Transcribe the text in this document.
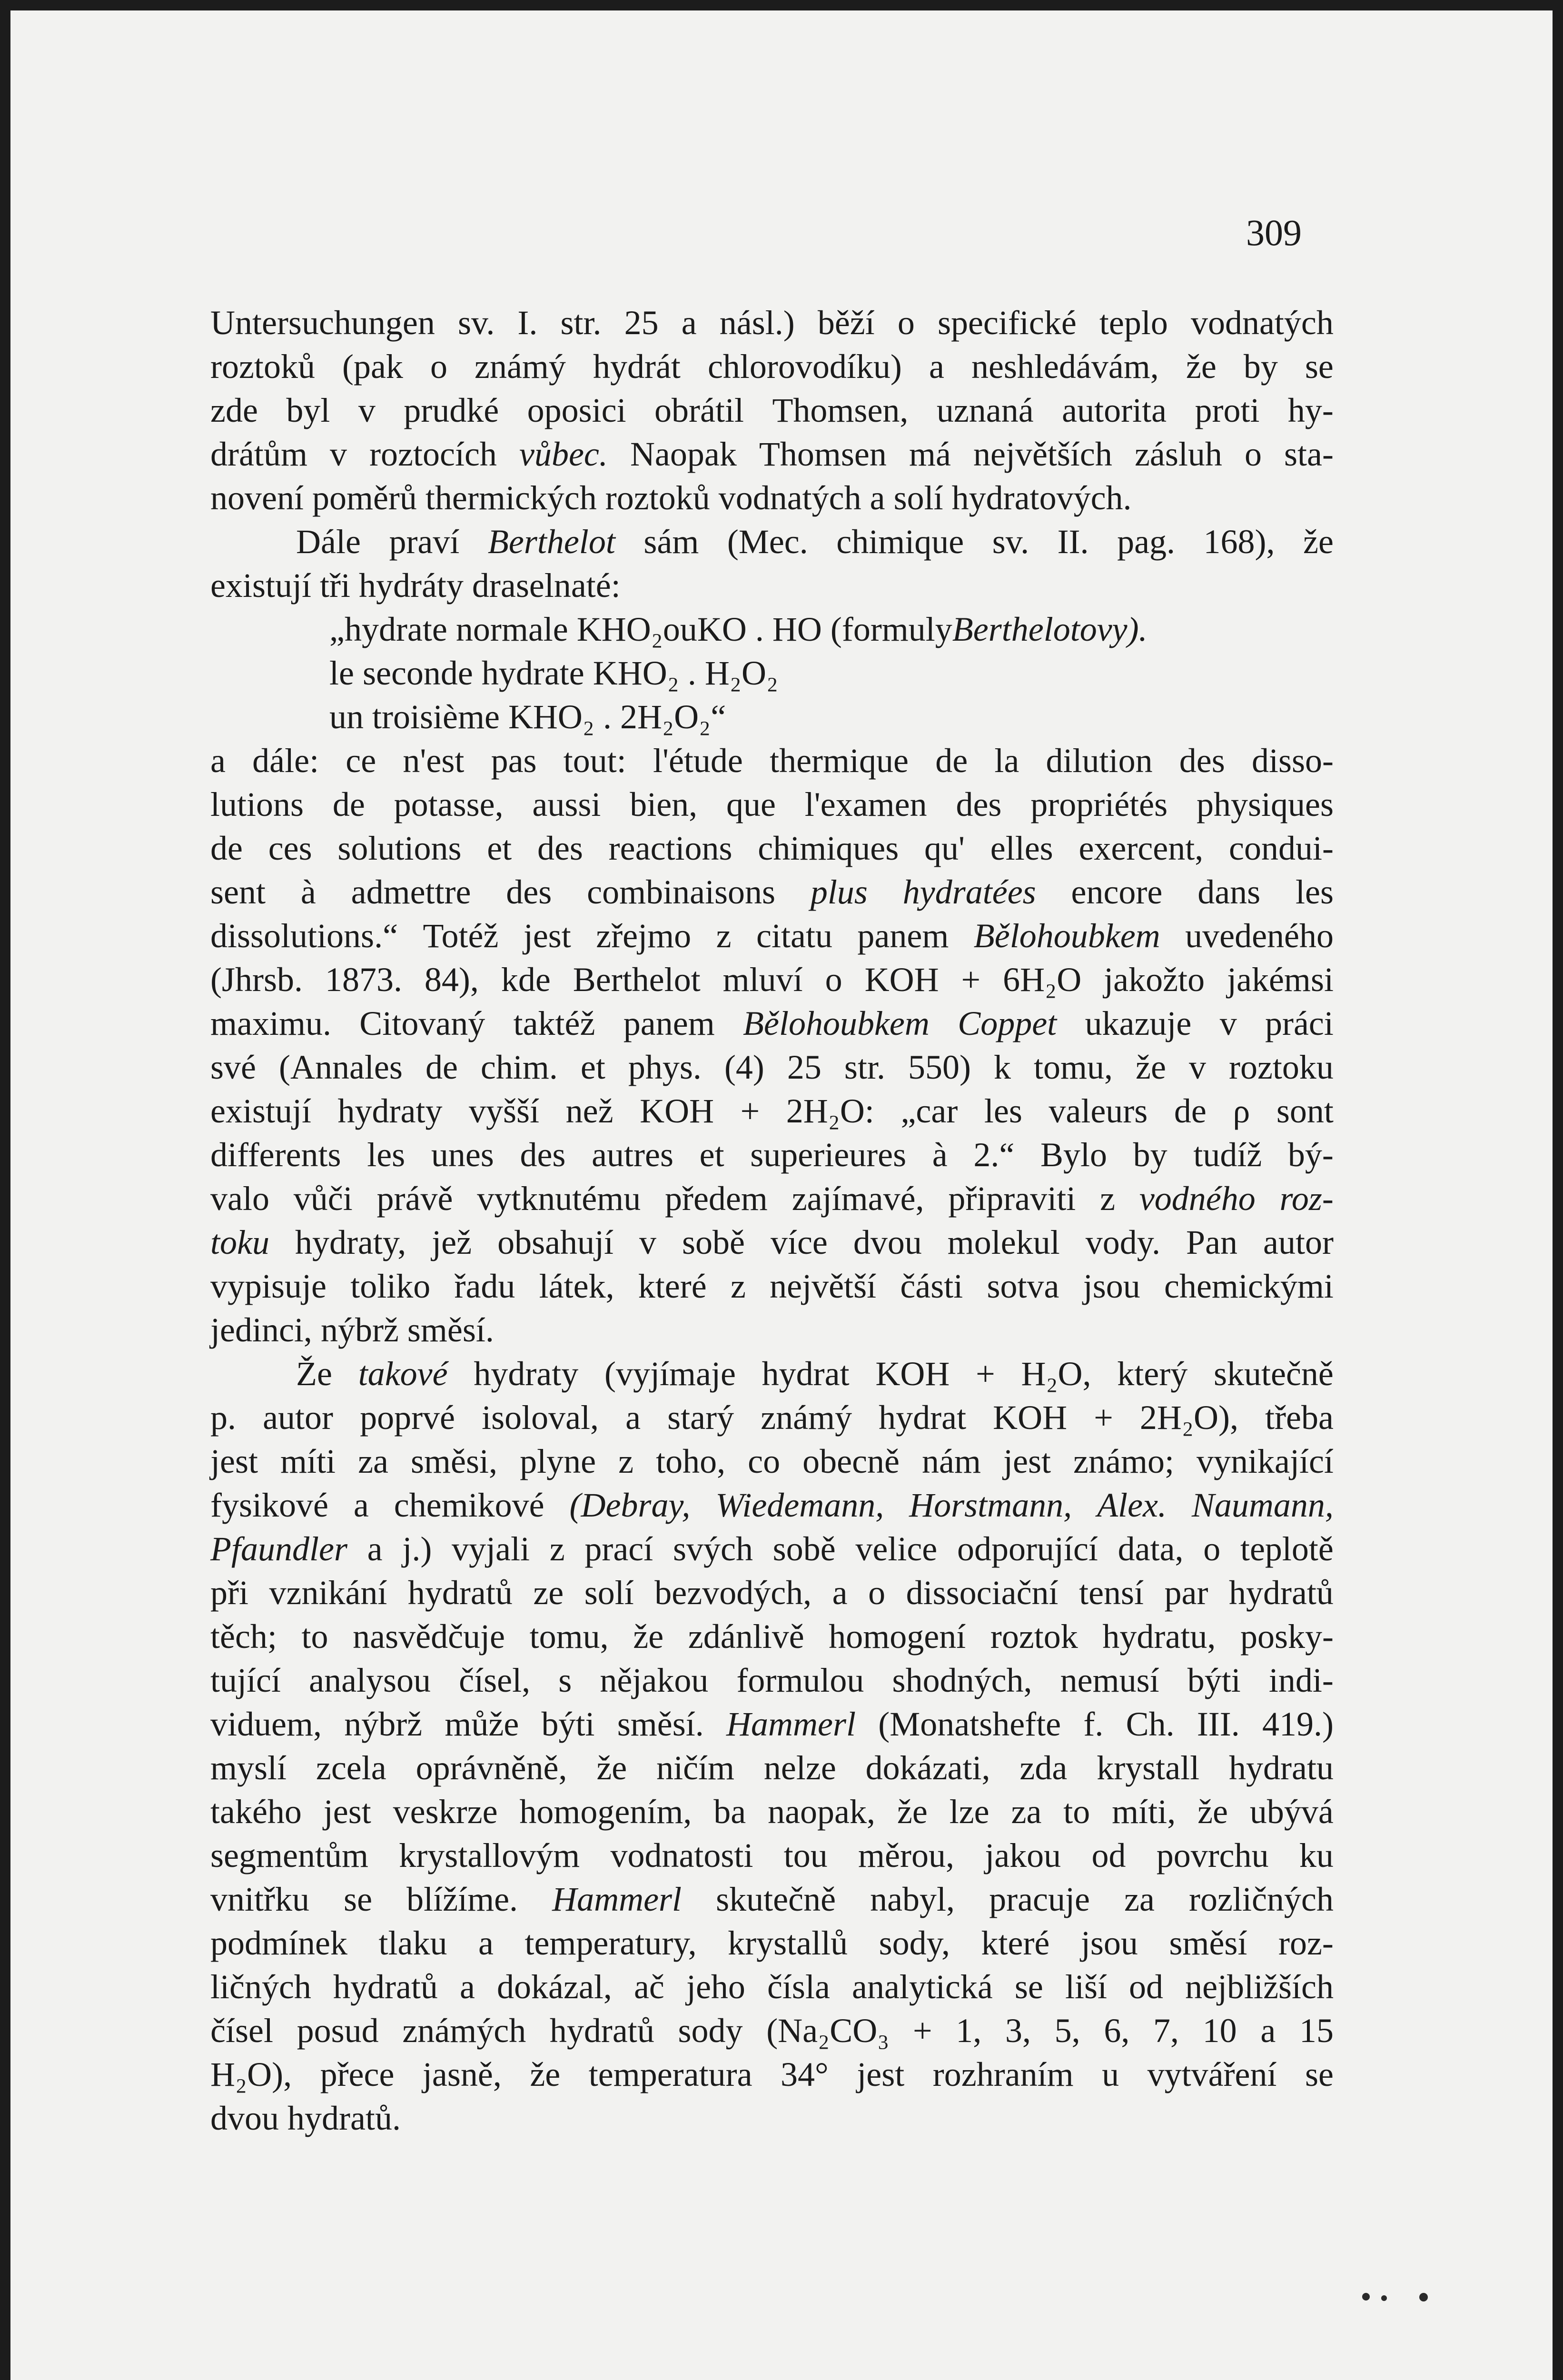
309
Untersuchungen sv. I. str. 25 a násl.) běží o specifické teplo vodnatých
roztoků (pak o známý hydrát chlorovodíku) a neshledávám, že by se
zde byl v prudké oposici obrátil Thomsen, uznaná autorita proti hy-
drátům v roztocích vůbec. Naopak Thomsen má největších zásluh o sta-
novení poměrů thermických roztoků vodnatých a solí hydratových.
Dále praví Berthelot sám (Mec. chimique sv. II. pag. 168), že
existují tři hydráty draselnaté:
„hydrate normale KHO₂ouKO . HO (formuly Berthelotovy).
le seconde hydrate KHO₂ . H₂O₂
un troisième KHO₂ . 2H₂O₂“
a dále: ce n'est pas tout: l'étude thermique de la dilution des disso-
lutions de potasse, aussi bien, que l'examen des propriétés physiques
de ces solutions et des reactions chimiques qu' elles exercent, condui-
sent à admettre des combinaisons plus hydratées encore dans les
dissolutions.“ Totéž jest zřejmo z citatu panem Bělohoubkem uvedeného
(Jhrsb. 1873. 84), kde Berthelot mluví o KOH + 6H₂O jakožto jakémsi
maximu. Citovaný taktéž panem Bělohoubkem Coppet ukazuje v práci
své (Annales de chim. et phys. (4) 25 str. 550) k tomu, že v roztoku
existují hydraty vyšší než KOH + 2H₂O: „car les valeurs de ρ sont
differents les unes des autres et superieures à 2.“ Bylo by tudíž bý-
valo vůči právě vytknutému předem zajímavé, připraviti z vodného roz-
toku hydraty, jež obsahují v sobě více dvou molekul vody. Pan autor
vypisuje toliko řadu látek, které z největší části sotva jsou chemickými
jedinci, nýbrž směsí.
Že takové hydraty (vyjímaje hydrat KOH + H₂O, který skutečně
p. autor poprvé isoloval, a starý známý hydrat KOH + 2H₂O), třeba
jest míti za směsi, plyne z toho, co obecně nám jest známo; vynikající
fysikové a chemikové (Debray, Wiedemann, Horstmann, Alex. Naumann,
Pfaundler a j.) vyjali z prací svých sobě velice odporující data, o teplotě
při vznikání hydratů ze solí bezvodých, a o dissociační tensí par hydratů
těch; to nasvědčuje tomu, že zdánlivě homogení roztok hydratu, posky-
tující analysou čísel, s nějakou formulou shodných, nemusí býti indi-
viduem, nýbrž může býti směsí. Hammerl (Monatshefte f. Ch. III. 419.)
myslí zcela oprávněně, že ničím nelze dokázati, zda krystall hydratu
takého jest veskrze homogením, ba naopak, že lze za to míti, že ubývá
segmentům krystallovým vodnatosti tou měrou, jakou od povrchu ku
vnitřku se blížíme. Hammerl skutečně nabyl, pracuje za rozličných
podmínek tlaku a temperatury, krystallů sody, které jsou směsí roz-
ličných hydratů a dokázal, ač jeho čísla analytická se liší od nejbližších
čísel posud známých hydratů sody (Na₂CO₃ + 1, 3, 5, 6, 7, 10 a 15
H₂O), přece jasně, že temperatura 34° jest rozhraním u vytváření se
dvou hydratů.
